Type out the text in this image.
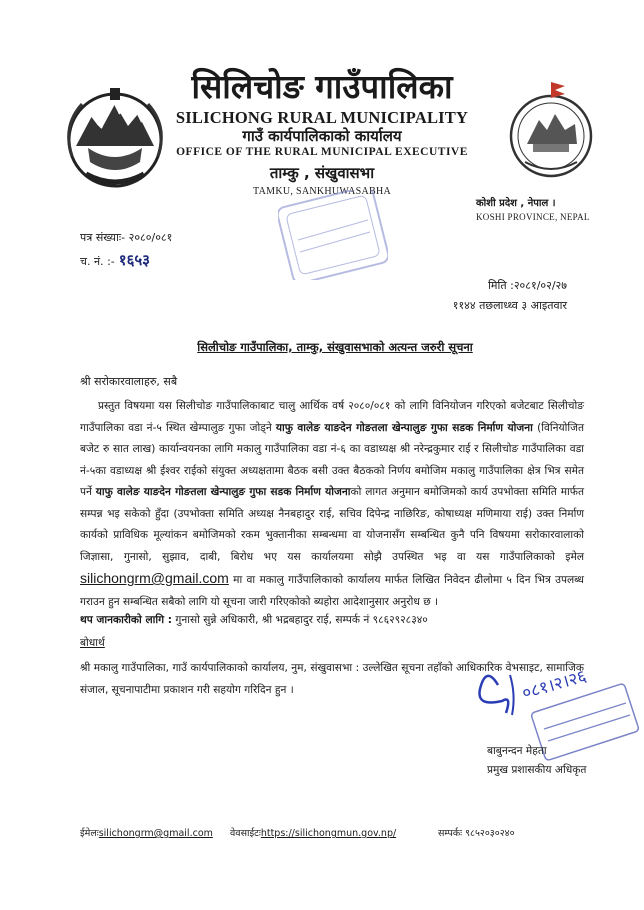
सिलिचोङ गाउँपालिका
SILICHONG RURAL MUNICIPALITY
गाउँ कार्यपालिकाको कार्यालय
OFFICE OF THE RURAL MUNICIPAL EXECUTIVE
ताम्कु , संखुवासभा
TAMKU, SANKHUWASABHA
कोशी प्रदेश , नेपाल ।
KOSHI PROVINCE, NEPAL
पत्र संख्याः- २०८०/०८१
च. नं. :- १६५३
मिति :२०८१/०२/२७
११४४ तछलाध्थ्व ३ आइतवार
सिलीचोङ गाउँपालिका, ताम्कु, संखुवासभाको अत्यन्त जरुरी सूचना
श्री सरोकारवालाहरु, सबै

प्रस्तुत विषयमा यस सिलीचोङ गाउँपालिकाबाट चालु आर्थिक वर्ष २०८०/०८१ को लागि विनियोजन गरिएको बजेटबाट सिलीचोङ गाउँपालिका वडा नं-५ स्थित खेम्पालुङ गुफा जोड्ने याफु वालेङ याङदेन गोङतला खेन्पालुङ गुफा सडक निर्माण योजना (विनियोजित बजेट रु सात लाख) कार्यान्वयनका लागि मकालु गाउँपालिका वडा नं-६ का वडाध्यक्ष श्री नरेन्द्रकुमार राई र सिलीचोङ गाउँपालिका वडा नं-५का वडाध्यक्ष श्री ईश्वर राईको संयुक्त अध्यक्षतामा बैठक बसी उक्त बैठकको निर्णय बमोजिम मकालु गाउँपालिका क्षेत्र भित्र समेत पर्ने याफु वालेङ याङदेन गोङतला खेन्पालुङ गुफा सडक निर्माण योजनाको लागत अनुमान बमोजिमको कार्य उपभोक्ता समिति मार्फत सम्पन्न भइ सकेको हुँदा (उपभोक्ता समिति अध्यक्ष नैनबहादुर राई, सचिव दिपेन्द्र नाछिरिङ, कोषाध्यक्ष मणिमाया राई) उक्त निर्माण कार्यको प्राविधिक मूल्यांकन बमोजिमको रकम भुक्तानीका सम्बन्धमा वा योजनासँग सम्बन्धित कुनै पनि विषयमा सरोकारवालाको जिज्ञासा, गुनासो, सुझाव, दाबी, बिरोध भए यस कार्यालयमा सोझै उपस्थित भइ वा यस गाउँपालिकाको इमेल silichongrm@gmail.com मा वा मकालु गाउँपालिकाको कार्यालय मार्फत लिखित निवेदन ढीलोमा ५ दिन भित्र उपलब्ध गराउन हुन सम्बन्धित सबैको लागि यो सूचना जारी गरिएकोको ब्यहोरा आदेशानुसार अनुरोध छ ।

थप जानकारीको लागि : गुनासो सुन्ने अधिकारी, श्री भद्रबहादुर राई, सम्पर्क नं ९८६२९२८३४०
बोधार्थ
श्री मकालु गाउँपालिका, गाउँ कार्यपालिकाको कार्यालय, नुम, संखुवासभा : उल्लेखित सूचना तहाँको आधिकारिक वेभसाइट, सामाजिक संजाल, सूचनापाटीमा प्रकाशन गरी सहयोग गरिदिन हुन ।	०८१।२।२६
बाबुनन्दन मेहता
प्रमुख प्रशासकीय अधिकृत
ईमेलःsilichongrm@gmail.com वेवसाईटःhttps://silichongmun.gov.np/	सम्पर्कः ९८५२०३०२४०
